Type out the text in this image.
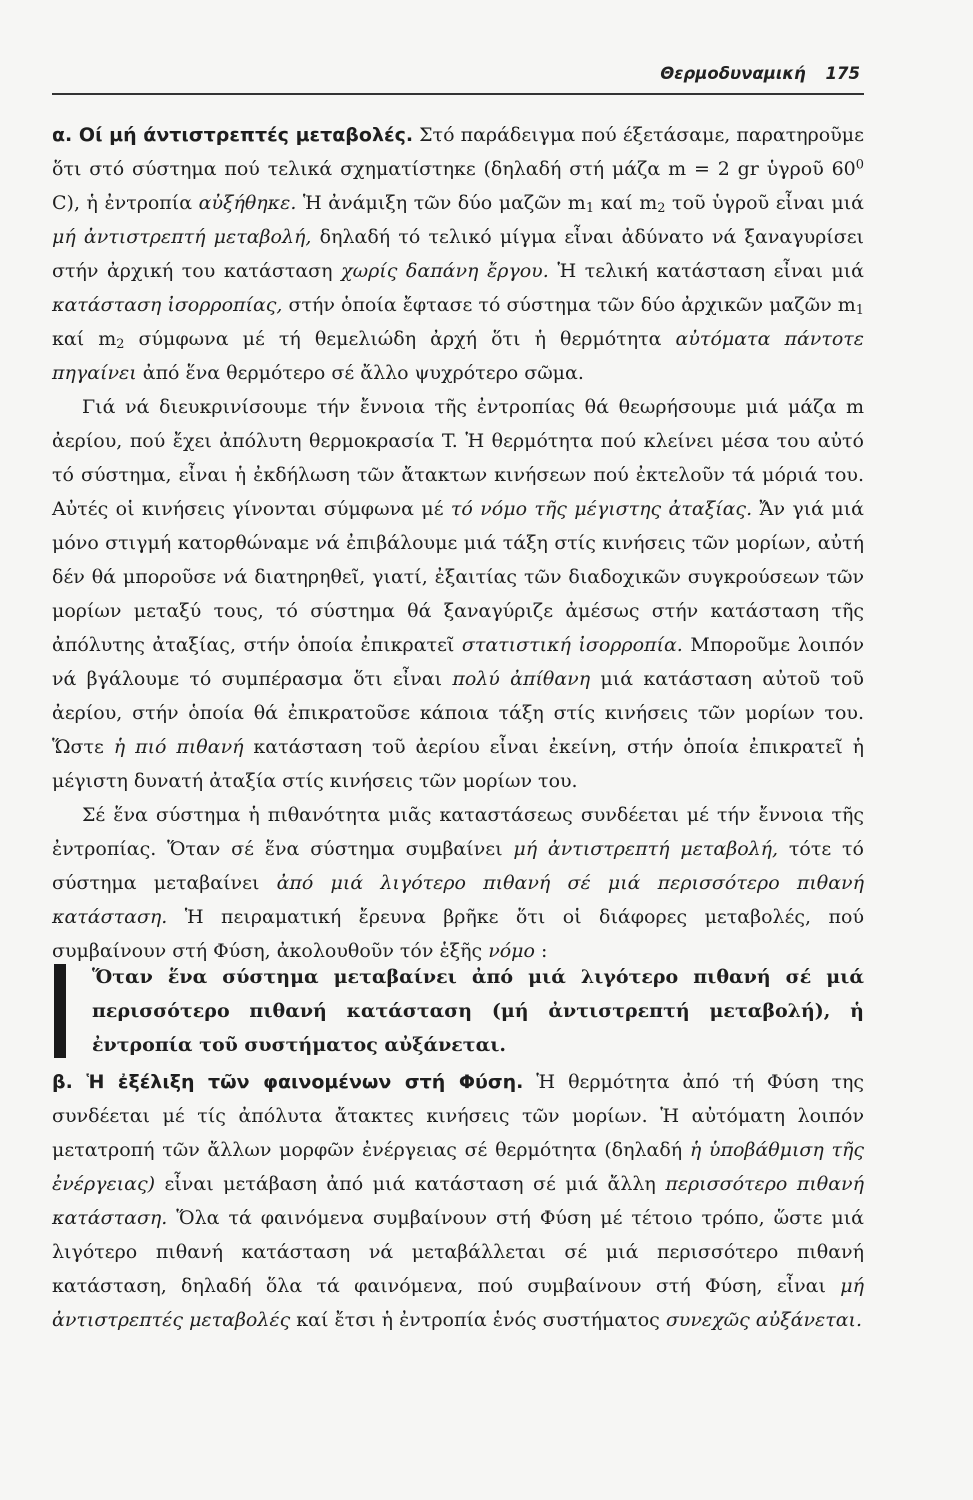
Θερμοδυναμική 175

α. Οί μή άντιστρεπτές μεταβολές. Στό παράδειγμα πού έξετάσαμε, παρατηροῦμε ὅτι στό σύστημα πού τελικά σχηματίστηκε (δηλαδή στή μάζα m = 2 gr ὑγροῦ $60^0$ C), ἡ ἐντροπία αὐξήθηκε. Ἡ ἀνάμιξη τῶν δύο μαζῶν $m_1$ καί $m_2$ τοῦ ὑγροῦ εἶναι μιά μή ἀντιστρεπτή μεταβολή, δηλαδή τό τελικό μίγμα εἶναι ἀδύνατο νά ξαναγυρίσει στήν ἀρχική του κατάσταση χωρίς δαπάνη ἔργου. Ἡ τελική κατάσταση εἶναι μιά κατάσταση ἰσορροπίας, στήν ὁποία ἔφτασε τό σύστημα τῶν δύο ἀρχικῶν μαζῶν $m_1$ καί $m_2$ σύμφωνα μέ τή θεμελιώδη ἀρχή ὅτι ἡ θερμότητα αὐτόματα πάντοτε πηγαίνει ἀπό ἕνα θερμότερο σέ ἄλλο ψυχρότερο σῶμα.

Γιά νά διευκρινίσουμε τήν ἔννοια τῆς ἐντροπίας θά θεωρήσουμε μιά μάζα m ἀερίου, πού ἔχει ἀπόλυτη θερμοκρασία T. Ἡ θερμότητα πού κλείνει μέσα του αὐτό τό σύστημα, εἶναι ἡ ἐκδήλωση τῶν ἄτακτων κινήσεων πού ἐκτελοῦν τά μόριά του. Αὐτές οἱ κινήσεις γίνονται σύμφωνα μέ τό νόμο τῆς μέγιστης ἀταξίας. Ἄν γιά μιά μόνο στιγμή κατορθώναμε νά ἐπιβάλουμε μιά τάξη στίς κινήσεις τῶν μορίων, αὐτή δέν θά μποροῦσε νά διατηρηθεῖ, γιατί, ἐξαιτίας τῶν διαδοχικῶν συγκρούσεων τῶν μορίων μεταξύ τους, τό σύστημα θά ξαναγύριζε ἀμέσως στήν κατάσταση τῆς ἀπόλυτης ἀταξίας, στήν ὁποία ἐπικρατεῖ στατιστική ἰσορροπία. Μποροῦμε λοιπόν νά βγάλουμε τό συμπέρασμα ὅτι εἶναι πολύ ἀπίθανη μιά κατάσταση αὐτοῦ τοῦ ἀερίου, στήν ὁποία θά ἐπικρατοῦσε κάποια τάξη στίς κινήσεις τῶν μορίων του. Ὥστε ἡ πιό πιθανή κατάσταση τοῦ ἀερίου εἶναι ἐκείνη, στήν ὁποία ἐπικρατεῖ ἡ μέγιστη δυνατή ἀταξία στίς κινήσεις τῶν μορίων του.

Σέ ἕνα σύστημα ἡ πιθανότητα μιᾶς καταστάσεως συνδέεται μέ τήν ἔννοια τῆς ἐντροπίας. Ὅταν σέ ἕνα σύστημα συμβαίνει μή ἀντιστρεπτή μεταβολή, τότε τό σύστημα μεταβαίνει ἀπό μιά λιγότερο πιθανή σέ μιά περισσότερο πιθανή κατάσταση. Ἡ πειραματική ἔρευνα βρῆκε ὅτι οἱ διάφορες μεταβολές, πού συμβαίνουν στή Φύση, ἀκολουθοῦν τόν ἑξῆς νόμο :

Ὅταν ἕνα σύστημα μεταβαίνει ἀπό μιά λιγότερο πιθανή σέ μιά περισσότερο πιθανή κατάσταση (μή ἀντιστρεπτή μεταβολή), ἡ ἐντροπία τοῦ συστήματος αὐξάνεται.

β. Ἡ ἐξέλιξη τῶν φαινομένων στή Φύση. Ἡ θερμότητα ἀπό τή Φύση της συνδέεται μέ τίς ἀπόλυτα ἄτακτες κινήσεις τῶν μορίων. Ἡ αὐτόματη λοιπόν μετατροπή τῶν ἄλλων μορφῶν ἐνέργειας σέ θερμότητα (δηλαδή ἡ ὑποβάθμιση τῆς ἐνέργειας) εἶναι μετάβαση ἀπό μιά κατάσταση σέ μιά ἄλλη περισσότερο πιθανή κατάσταση. Ὅλα τά φαινόμενα συμβαίνουν στή Φύση μέ τέτοιο τρόπο, ὥστε μιά λιγότερο πιθανή κατάσταση νά μεταβάλλεται σέ μιά περισσότερο πιθανή κατάσταση, δηλαδή ὅλα τά φαινόμενα, πού συμβαίνουν στή Φύση, εἶναι μή ἀντιστρεπτές μεταβολές καί ἔτσι ἡ ἐντροπία ἑνός συστήματος συνεχῶς αὐξάνεται.
